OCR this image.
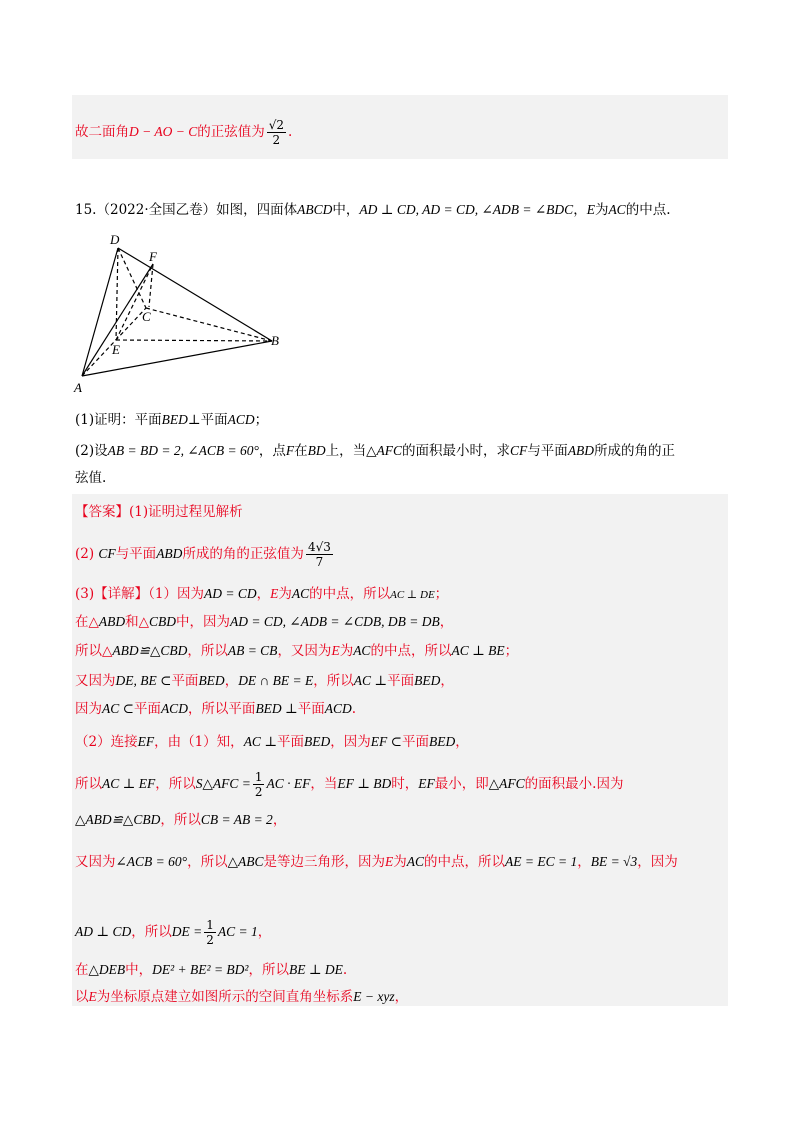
故二面角D − AO − C的正弦值为 $\frac{√2}{2}$ .
15.（2022·全国乙卷）如图，四面体ABCD中，AD ⊥ CD, AD = CD, ∠ADB = ∠BDC，E为AC的中点.
D
F
C
E
B
A
(1)证明：平面BED⊥平面ACD；
(2)设AB = BD = 2, ∠ACB = 60°，点F在BD上，当△AFC的面积最小时，求CF与平面ABD所成的角的正
弦值.
【答案】(1)证明过程见解析
(2) CF与平面ABD所成的角的正弦值为 $\frac{4√3}{7}$
(3)【详解】（1）因为AD = CD，E为AC的中点，所以AC ⊥ DE；
在△ABD和△CBD中，因为AD = CD, ∠ADB = ∠CDB, DB = DB，
所以△ABD≌△CBD，所以AB = CB，又因为E为AC的中点，所以AC ⊥ BE；
又因为DE, BE ⊂平面BED，DE ∩ BE = E，所以AC ⊥平面BED，
因为AC ⊂平面ACD，所以平面BED ⊥平面ACD.
（2）连接EF，由（1）知，AC ⊥平面BED，因为EF ⊂平面BED，
所以AC ⊥ EF，所以S△AFC = $\frac{1}{2}$ AC · EF，当EF ⊥ BD时，EF最小，即△AFC的面积最小.因为
△ABD≌△CBD，所以CB = AB = 2，
又因为∠ACB = 60°，所以△ABC是等边三角形，因为E为AC的中点，所以AE = EC = 1，BE = √3，因为
AD ⊥ CD，所以DE = $\frac{1}{2}$ AC = 1，
在△DEB中，DE² + BE² = BD²，所以BE ⊥ DE.
以E为坐标原点建立如图所示的空间直角坐标系E − xyz，
